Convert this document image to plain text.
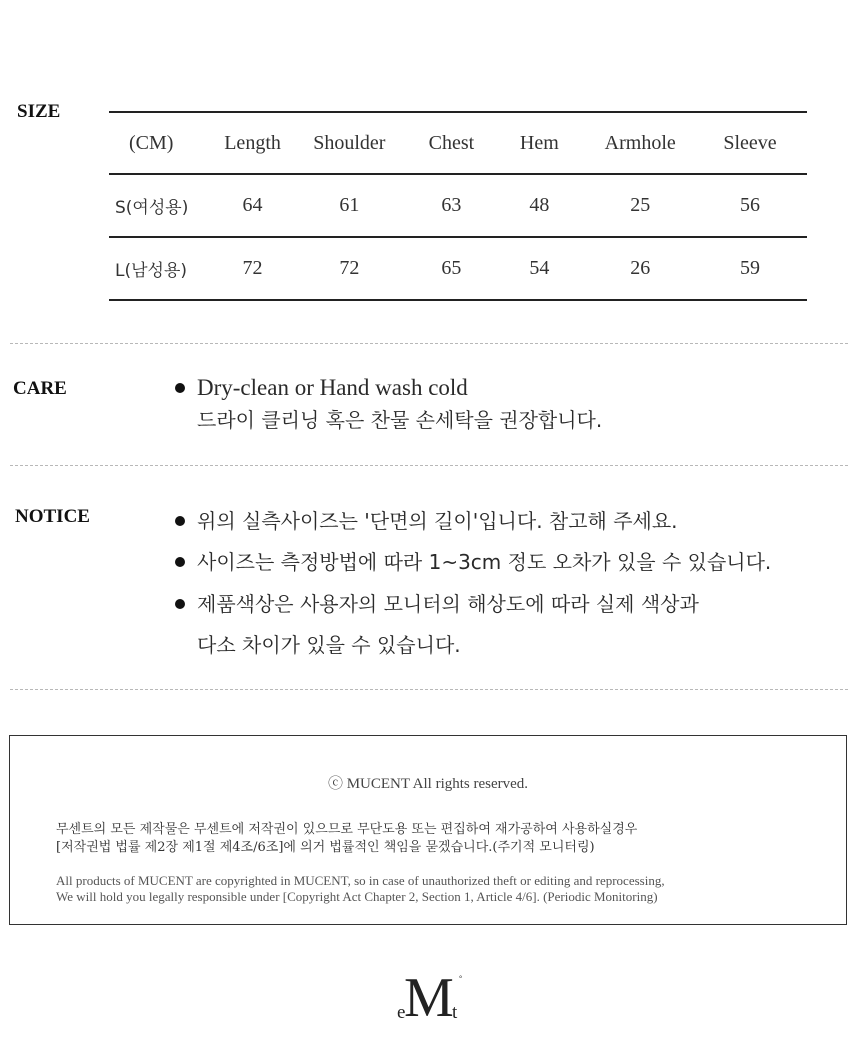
SIZE
(CM)	Length	Shoulder	Chest	Hem	Armhole	Sleeve
S(여성용)	64	61	63	48	25	56
L(남성용)	72	72	65	54	26	59
CARE	Dry-clean or Hand wash cold
드라이 클리닝 혹은 찬물 손세탁을 권장합니다.
NOTICE	위의 실측사이즈는 '단면의 길이'입니다. 참고해 주세요.
사이즈는 측정방법에 따라 1~3cm 정도 오차가 있을 수 있습니다.
제품색상은 사용자의 모니터의 해상도에 따라 실제 색상과
다소 차이가 있을 수 있습니다.
ⓒ MUCENT All rights reserved.
무센트의 모든 제작물은 무센트에 저작권이 있으므로 무단도용 또는 편집하여 재가공하여 사용하실경우
[저작권법 법률 제2장 제1절 제4조/6조]에 의거 법률적인 책임을 묻겠습니다.(주기적 모니터링)
All products of MUCENT are copyrighted in MUCENT, so in case of unauthorized theft or editing and reprocessing,
We will hold you legally responsible under [Copyright Act Chapter 2, Section 1, Article 4/6]. (Periodic Monitoring)
M
e t
°
